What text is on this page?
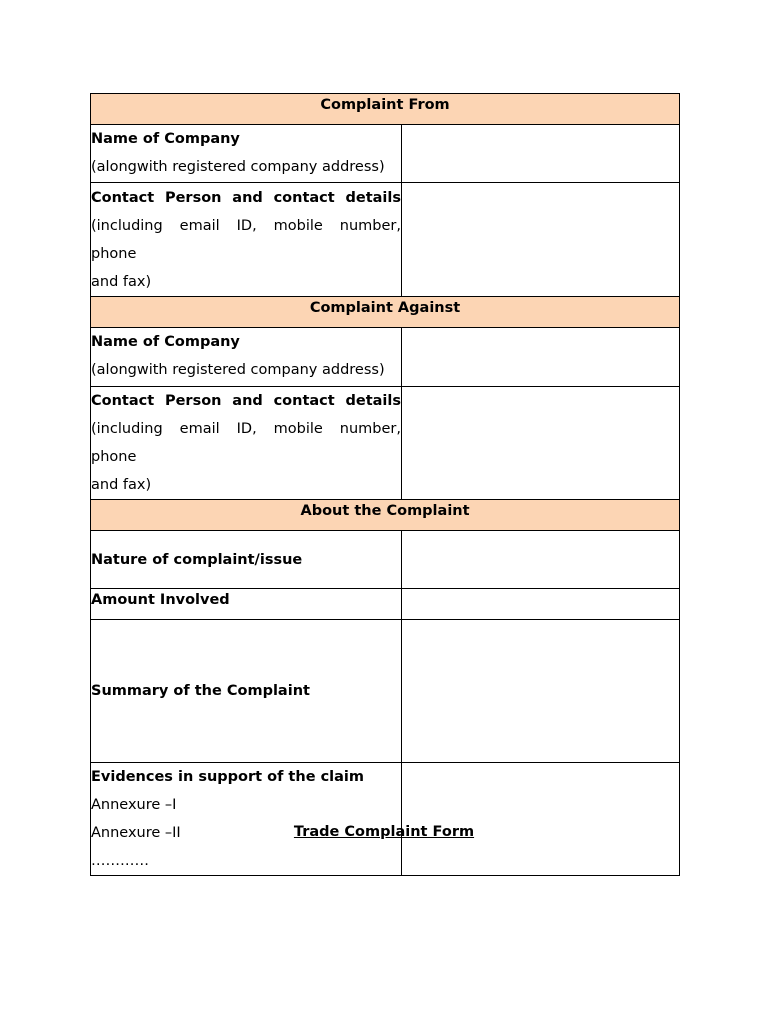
Complaint From	

Name of Company
(alongwith registered company address)	

Contact Person and contact details
(including email ID, mobile number, phone
and fax)	

Complaint Against	

Name of Company
(alongwith registered company address)	

Contact Person and contact details
(including email ID, mobile number, phone
and fax)	

About the Complaint	

Nature of complaint/issue	

Amount Involved	

Summary of the Complaint	

Evidences in support of the claim
Annexure –I
Annexure –II
…………	

Trade Complaint Form
